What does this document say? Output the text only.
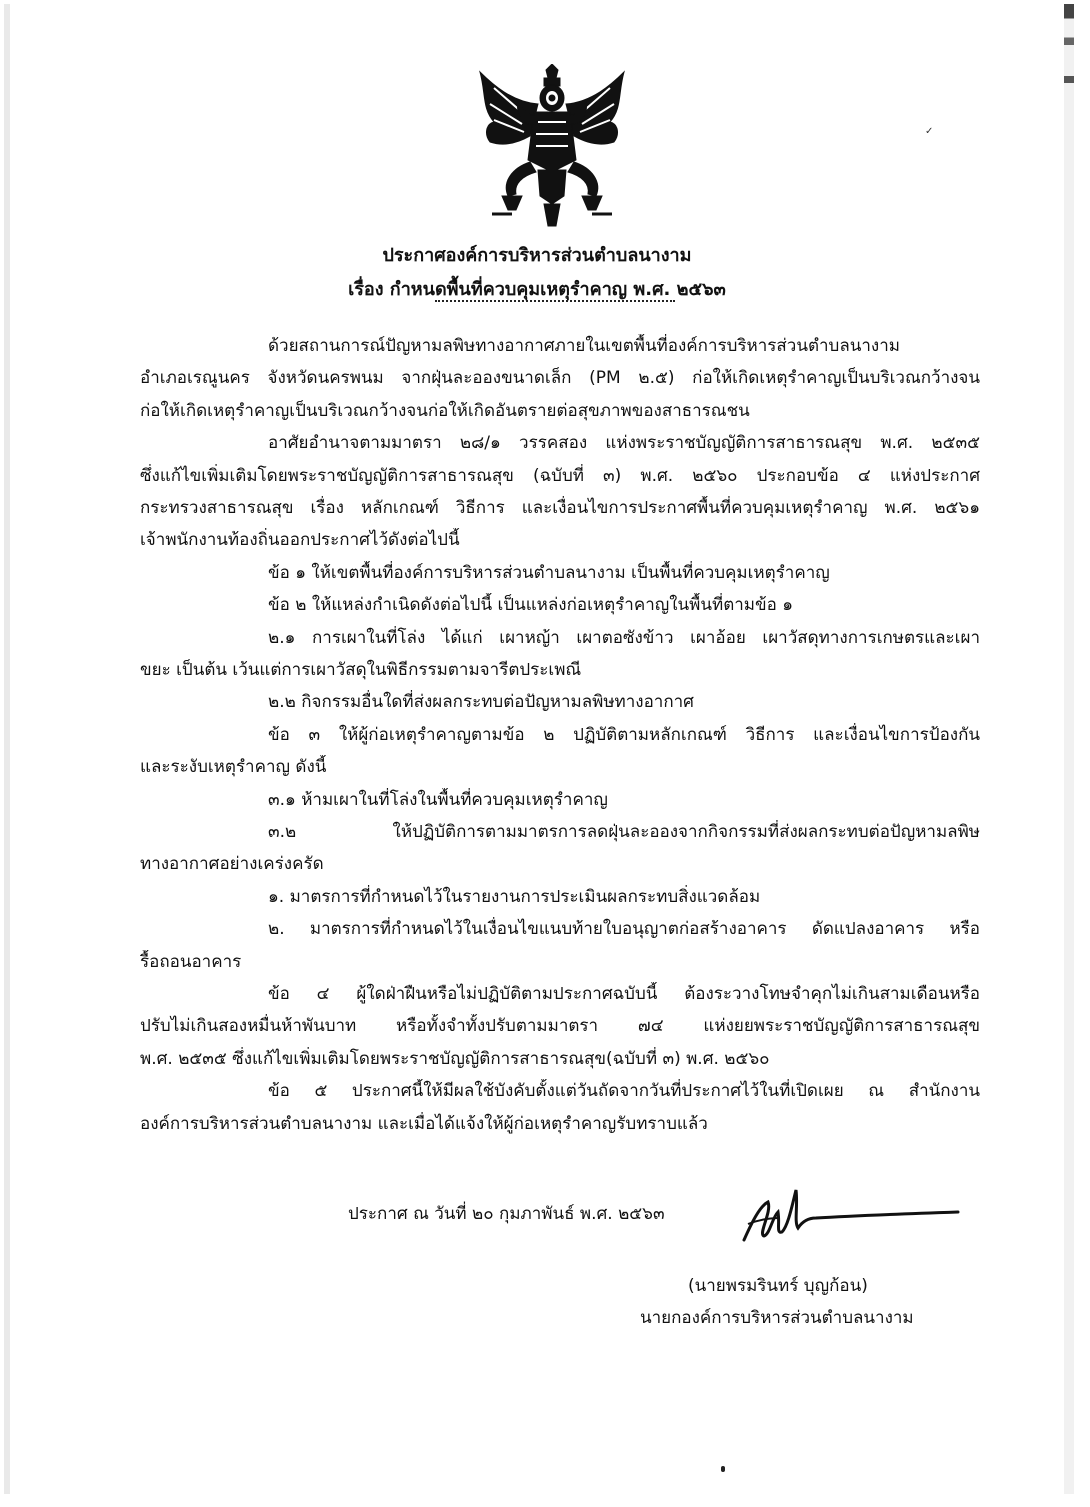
✓
ประกาศองค์การบริหารส่วนตำบลนางาม
เรื่อง กำหนดพื้นที่ควบคุมเหตุรำคาญ พ.ศ. ๒๕๖๓
ด้วยสถานการณ์ปัญหามลพิษทางอากาศภายในเขตพื้นที่องค์การบริหารส่วนตำบลนางาม
อำเภอเรณูนคร จังหวัดนครพนม จากฝุ่นละอองขนาดเล็ก (PM ๒.๕) ก่อให้เกิดเหตุรำคาญเป็นบริเวณกว้างจน
ก่อให้เกิดเหตุรำคาญเป็นบริเวณกว้างจนก่อให้เกิดอันตรายต่อสุขภาพของสาธารณชน
อาศัยอำนาจตามมาตรา ๒๘/๑ วรรคสอง แห่งพระราชบัญญัติการสาธารณสุข พ.ศ. ๒๕๓๕
ซึ่งแก้ไขเพิ่มเติมโดยพระราชบัญญัติการสาธารณสุข (ฉบับที่ ๓) พ.ศ. ๒๕๖๐ ประกอบข้อ ๔ แห่งประกาศ
กระทรวงสาธารณสุข เรื่อง หลักเกณฑ์ วิธีการ และเงื่อนไขการประกาศพื้นที่ควบคุมเหตุรำคาญ พ.ศ. ๒๕๖๑
เจ้าพนักงานท้องถิ่นออกประกาศไว้ดังต่อไปนี้
ข้อ ๑ ให้เขตพื้นที่องค์การบริหารส่วนตำบลนางาม เป็นพื้นที่ควบคุมเหตุรำคาญ
ข้อ ๒ ให้แหล่งกำเนิดดังต่อไปนี้ เป็นแหล่งก่อเหตุรำคาญในพื้นที่ตามข้อ ๑
๒.๑ การเผาในที่โล่ง ได้แก่ เผาหญ้า เผาตอซังข้าว เผาอ้อย เผาวัสดุทางการเกษตรและเผา
ขยะ เป็นต้น เว้นแต่การเผาวัสดุในพิธีกรรมตามจารีตประเพณี
๒.๒ กิจกรรมอื่นใดที่ส่งผลกระทบต่อปัญหามลพิษทางอากาศ
ข้อ ๓ ให้ผู้ก่อเหตุรำคาญตามข้อ ๒ ปฏิบัติตามหลักเกณฑ์ วิธีการ และเงื่อนไขการป้องกัน
และระงับเหตุรำคาญ ดังนี้
๓.๑ ห้ามเผาในที่โล่งในพื้นที่ควบคุมเหตุรำคาญ
๓.๒ ให้ปฏิบัติการตามมาตรการลดฝุ่นละอองจากกิจกรรมที่ส่งผลกระทบต่อปัญหามลพิษ
ทางอากาศอย่างเคร่งครัด
๑. มาตรการที่กำหนดไว้ในรายงานการประเมินผลกระทบสิ่งแวดล้อม
๒. มาตรการที่กำหนดไว้ในเงื่อนไขแนบท้ายใบอนุญาตก่อสร้างอาคาร ดัดแปลงอาคาร หรือ
รื้อถอนอาคาร
ข้อ ๔ ผู้ใดฝ่าฝืนหรือไม่ปฏิบัติตามประกาศฉบับนี้ ต้องระวางโทษจำคุกไม่เกินสามเดือนหรือ
ปรับไม่เกินสองหมื่นห้าพันบาท หรือทั้งจำทั้งปรับตามมาตรา ๗๔ แห่งยยพระราชบัญญัติการสาธารณสุข
พ.ศ. ๒๕๓๕ ซึ่งแก้ไขเพิ่มเติมโดยพระราชบัญญัติการสาธารณสุข(ฉบับที่ ๓) พ.ศ. ๒๕๖๐
ข้อ ๕ ประกาศนี้ให้มีผลใช้บังคับตั้งแต่วันถัดจากวันที่ประกาศไว้ในที่เปิดเผย ณ สำนักงาน
องค์การบริหารส่วนตำบลนางาม และเมื่อได้แจ้งให้ผู้ก่อเหตุรำคาญรับทราบแล้ว
ประกาศ ณ วันที่ ๒๐ กุมภาพันธ์ พ.ศ. ๒๕๖๓
(นายพรมรินทร์ บุญก้อน)
นายกองค์การบริหารส่วนตำบลนางาม
